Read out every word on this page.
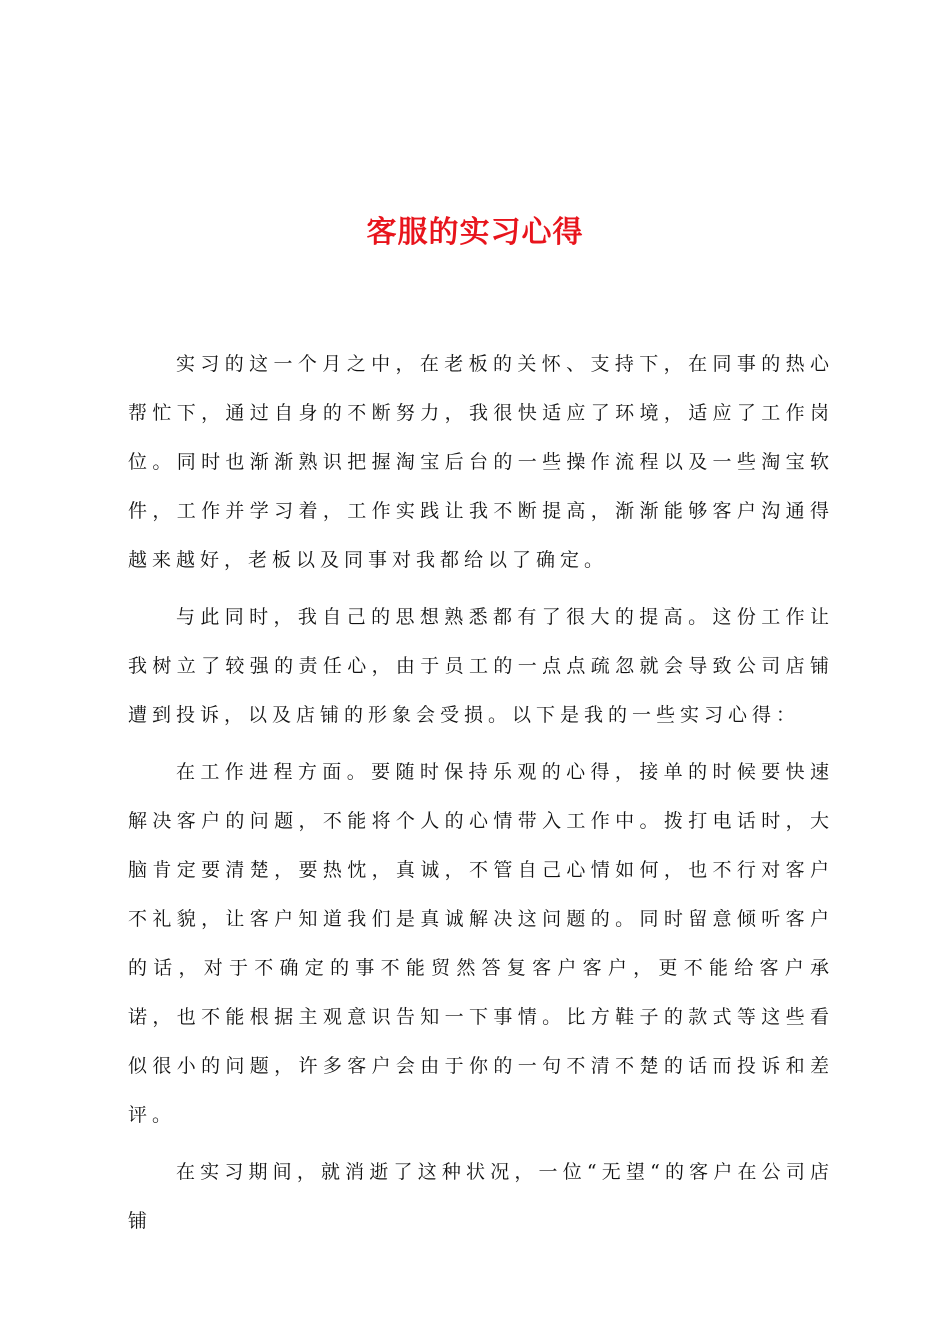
客服的实习心得

实习的这一个月之中，在老板的关怀、支持下，在同事的热心帮忙下，通过自身的不断努力，我很快适应了环境，适应了工作岗位。同时也渐渐熟识把握淘宝后台的一些操作流程以及一些淘宝软件，工作并学习着，工作实践让我不断提高，渐渐能够客户沟通得越来越好，老板以及同事对我都给以了确定。

与此同时，我自己的思想熟悉都有了很大的提高。这份工作让我树立了较强的责任心，由于员工的一点点疏忽就会导致公司店铺遭到投诉，以及店铺的形象会受损。以下是我的一些实习心得：

在工作进程方面。要随时保持乐观的心得，接单的时候要快速解决客户的问题，不能将个人的心情带入工作中。拨打电话时，大脑肯定要清楚，要热忱，真诚，不管自己心情如何，也不行对客户不礼貌，让客户知道我们是真诚解决这问题的。同时留意倾听客户的话，对于不确定的事不能贸然答复客户客户，更不能给客户承诺，也不能根据主观意识告知一下事情。比方鞋子的款式等这些看似很小的问题，许多客户会由于你的一句不清不楚的话而投诉和差评。

在实习期间，就消逝了这种状况，一位“无望“的客户在公司店铺
